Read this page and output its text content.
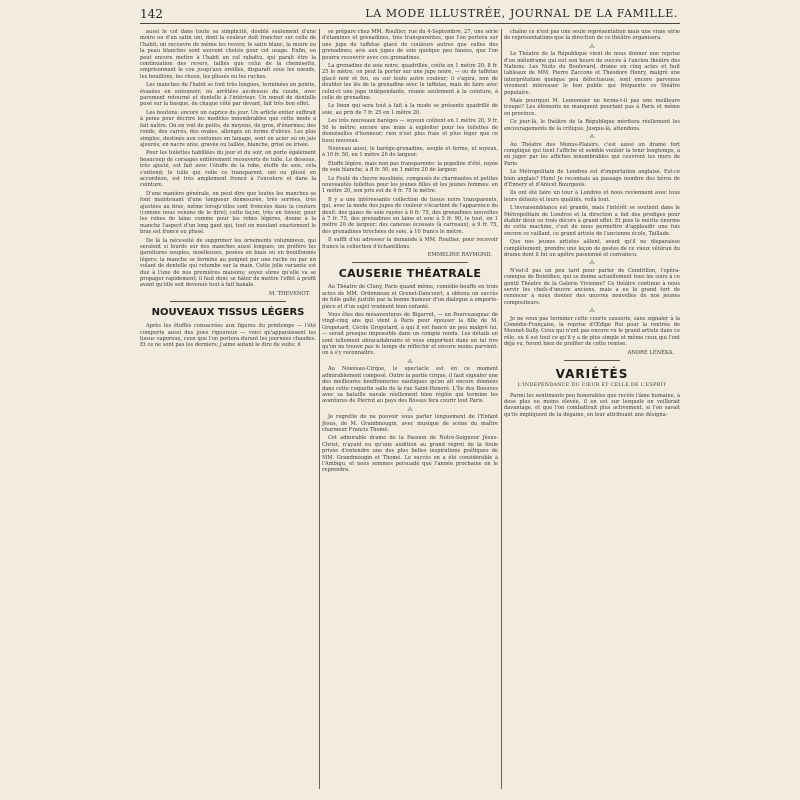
142	LA MODE ILLUSTRÉE, JOURNAL DE LA FAMILLE.

aussi le col dans toute sa simplicité, doublé seulement d'une moire ou d'un satin uni, dont la couleur doit trancher sur celle de l'habit; on recouvre de même les revers; le satin blanc, la moire ou la peau blanches sont souvent choisis pour cet usage. Enfin, on peut encore mettre à l'habit un col rabattu, qui paraît être la continuation des revers, taillés que celui de la chemisette, emprisonnant le cou jusqu'aux oreilles, disparaît sous les nœuds, les bouillons, les choux, les plissés ou les ruches.

Les manches de l'habit se font très longues, terminées en pointe, évasées en entonnoir; ou arrêtées au-dessus du coude, avec parement retourné et dentelle à l'intérieur. Un nœud de dentelle posé sur la basque, de chaque côté par devant, fait très bon effet.

Les boutons: encore un caprice du jour. Un article entier suffirait à peine pour décrire les modèles innombrables que cette mode a fait naître. On en voit de petits, de moyens, de gros, d'énormes; des ronds, des carrés, des ovales, allongés en forme d'olives. Les plus simples, destinés aux costumes en lainage, sont en acier ou en jais ajourés; en nacre unie, gravée ou taillée, blanche, grise ou irisée.

Pour les toilettes habillées du jour et du soir, on porte également beaucoup de corsages entièrement recouverts de tulle. Le dessous, très ajusté, est fait avec l'étoffe de la robe, étoffe de soie, cela s'entend; le tulle qui voile ce transparent, uni ou plissé en accordéon, est très amplement froncé à l'encolure et dans la ceinture.

D'une manière générale, on peut dire que toutes les manches se font maintenant d'une longueur démesurée, très serrées, très ajustées au bras, même lorsqu'elles sont froncées dans la couture (comme nous venons de le dire); cette façon, très en faveur, pour les robes de laine comme pour les robes légères, donne à la manche l'aspect d'un long gant qui, tout en moulant exactement le bras est froncé ou plissé.

De là la nécessité de supprimer les ornements volumineux, qui seraient si lourds sur des manches aussi longues; on préfère les garnitures souples, moelleuses, posées en biais ou en bouillonnés légers; la manche se termine au poignet par une ruche ou par un volant de dentelle qui retombe sur la main. Cette jolie variante est due à l'une de nos premières maisons; soyez sûres qu'elle va se propager rapidement; il faut donc se hâter de mettre l'effet à profit avant qu'elle soit devenue tout à fait banale.

M. THEVENOT.
NOUVEAUX TISSUS LÉGERS

Après les étoffes consacrées aux figures du printemps — l'été comporte aussi des joies rigoureux — voici qu'apparaissent les tissus vaporeux, ceux que l'on portera durant les journées chaudes. Et ce ne sont pas les derniers; j'aime autant le dire de suite; il

se prépare chez MM. Roullier, rue du 4-Septembre, 27, une série d'étamines et grenadines, très transparentes, que l'on portera sur une jupe de taffetas glacé de couleurs autres que celles des grenadines; avis aux jupes de soie quelque peu fanées, que l'on pourra recouvrir avec ces grenadines.

La grenadine de soie noire, quadrillée, coûte en 1 mètre 20, 8 fr. 25 le mètre; on peut la porter sur une jupe noire, — ou de taffetas glacé noir et feu, ou sur toute autre couleur; il s'agira, non de doubler les lés de la grenadine avec le taffetas, mais de faire avec celui-ci une jupe indépendante, réunie seulement à la ceinture, à celle de grenadine.

Le linon qui sera tout à fait à la mode se présente quadrillé de soie, au prix de 7 fr. 25 en 1 mètre 20.

Les très nouveaux barèges — soyeux coûtent en 1 mètre 20, 9 fr. 50 le mètre; encore une mine à exploiter pour les toilettes de demoiselles d'honneur; rien n'est plus frais et plus léger que ce tissu nouveau.

Nouveau aussi, le barège-grenadine, souple et ferme, et soyeux, à 10 fr. 50, en 1 mètre 20 de largeur.

Étoffe légère, mais non pas transparente: la popeline d'été, rayée de soie blanche, à 8 fr. 50, en 1 mètre 20 de largeur.

Le Foulé de chevre moulinée, composés de charmantes et petites nouveautés toilettes pour les jeunes filles et les jeunes femmes: en 1 mètre 20, son prix est de 4 fr. 75 le mètre.

Il y a une intéressante collection de tissus noirs transparents, qui, avec la mode des jupes de couleur s'écartent de l'apparence du deuil: des gazes de soie rayées à 6 fr. 75, des grenadines nouvelles à 7 fr. 75, des grenadines en laine et soie à 5 fr. 90, le tout, en 1 mètre 20 de largeur; des canevas écossais (à carreaux), à 9 fr. 75, des grenadines brochées de soie, à 10 francs le mètre.

Il suffit d'en adresser la demande à MM. Roullier, pour recevoir franco la collection d'échantillons.

EMMELINE RAYMOND.
CAUSERIE THÉATRALE

Au Théatre de Cluny, Paris quand même, comédie-bouffe en trois actes de MM. Ordonneau et Grenet-Dancourt, a obtenu un succès de folle gaîté justifié par la bonne humeur d'un dialogue à emporte-pièce et d'un sujet vraiment bien enfanté.

Vous êtes des mésaventures de Bigarret, — un Pourceaugnac de vingt-cinq ans qui vient à Paris pour épouser la fille de M. Gropotard, Cécile Gropotard, à qui il est fiancé un peu malgré lui, — serait presque impossible dans un compte rendu. Les détails en sont tellement abracadabrants et vous emportent dans un tel rire qu'on ne trouve pas le temps de réfléchir et encore moins parvient-on à s'y reconnaître.

⁂

Au Nouveau-Cirque, le spectacle est en ce moment admirablement composé. Outre la partie cirque, il faut signaler une des meilleures bouffonneries nautiques qu'on ait encore données dans cette coquette salle de la rue Saint-Honoré. L'Île des Boeuves avec sa bataille navale réellement bien réglée qui termine les aventures de Pierrot au pays des Bossus fera courir tout Paris.

⁂

Je regrette de ne pouvoir vous parler longuement de l'Enfant Jésus, de M. Grandmougin, avec musique de scène du maître charmeur Francis Thomé.

Cet admirable drame de la Passion de Notre-Seigneur Jésus-Christ, n'ayant eu qu'une audition au grand regret de la foule privée d'entendre une des plus belles inspirations poétiques de MM. Grandmougin et Thomé. Le succès en a été considérable à l'Ambigu, et nous sommes persuadé que l'année prochaine on le reprendra.

chaîne ce n'est pas une seule représentation mais une vraie série de représentations que la direction de ce théâtre organisera.

⁂

Le Théatre de la République vient de nous donner une reprise d'un mélodrame qui eut son heure de succès à l'ancien théâtre des Nations. Les Nuits du Boulevard, drame en cinq actes et huit tableaux de MM. Pierre Zaccone et Théodore Henry, malgré une interprétation quelque peu défectueuse, sont encore parvenus vivement intéresser le bon public qui fréquente ce théâtre populaire.

Mais pourquoi M. Lemonnier ne forme-t-il pas une meilleure troupe? Les éléments ne manquent pourtant pas à Paris et même en province.

Ce jour-là, le théâtre de la République méritera réellement les encouragements de la critique. Jusque-là, attendons.

⁂

Au Théatre des Menus-Plaisirs, c'est aussi un drame fort compliqué qui tient l'affiche et semble vouloir la tenir longtemps, à en juger par les affiches innombrables qui couvrent les murs de Paris.

Le Métropolitain de Londres est d'importation anglaise. Est-ce bien anglais? Hum! Je reconnais au passage nombre des héros de d'Ennery et d'Anicet Bourgeois.

Ils ont été faire un tour à Londres et nous reviennent avec tous leurs défauts et leurs qualités, voilà tout.

L'invraisemblance est grande, mais l'intérêt se soutient dans le Métropolitain de Londres et la direction a fait des prodiges pour établir deux ou trois décors à grand effet. Et puis le mérite énorme de cette machine, c'est de nous permettre d'applaudir une fois encore ce vaillant, ce grand artiste de l'ancienne école, Taillade.

Que nos jeunes artistes aillent, avant qu'il ne disparaisse complètement, prendre une leçon de gestes de ce vieux vétéran du drame dont il fut un apôtre passionné et convaincu.

⁂

N'est-il pas un peu tard pour parler de Cendrillon, l'opéra-comique de Boieldieu, qui se donne actuellement tous les soirs à ce gentil Théatre de la Galerie Vivienne? Ce théâtre continue à nous servir les chefs-d'œuvre anciens, mais a eu le grand tort de renoncer à nous donner des œuvres nouvelles de nos jeunes compositeurs.

⁂

Je ne veux pas terminer cette courte causerie, sans signaler à la Comédie-Française, la reprise d'Œdipe Roi pour la rentrée de Mounet-Sully. Ceux qui n'ont pas encore vu le grand artiste dans ce rôle, où il est tout ce qu'il y a de plus simple et même ceux qui l'ont déjà vu, feront bien de profiter de cette remise.

ANDRÉ LÉNÉKA.
VARIÉTÉS
L'INDÉPENDANCE DU CŒUR ET CELLE DE L'ESPRIT

Parmi les sentiments peu honorables que recèle l'âme humaine, à dose plus ou moins élevée, il en est sur lesquels on veillerait davantage, et que l'on combattrait plus activement, si l'on savait qu'ils impliquent de la dégaine, en leur attribuant une désigna-
